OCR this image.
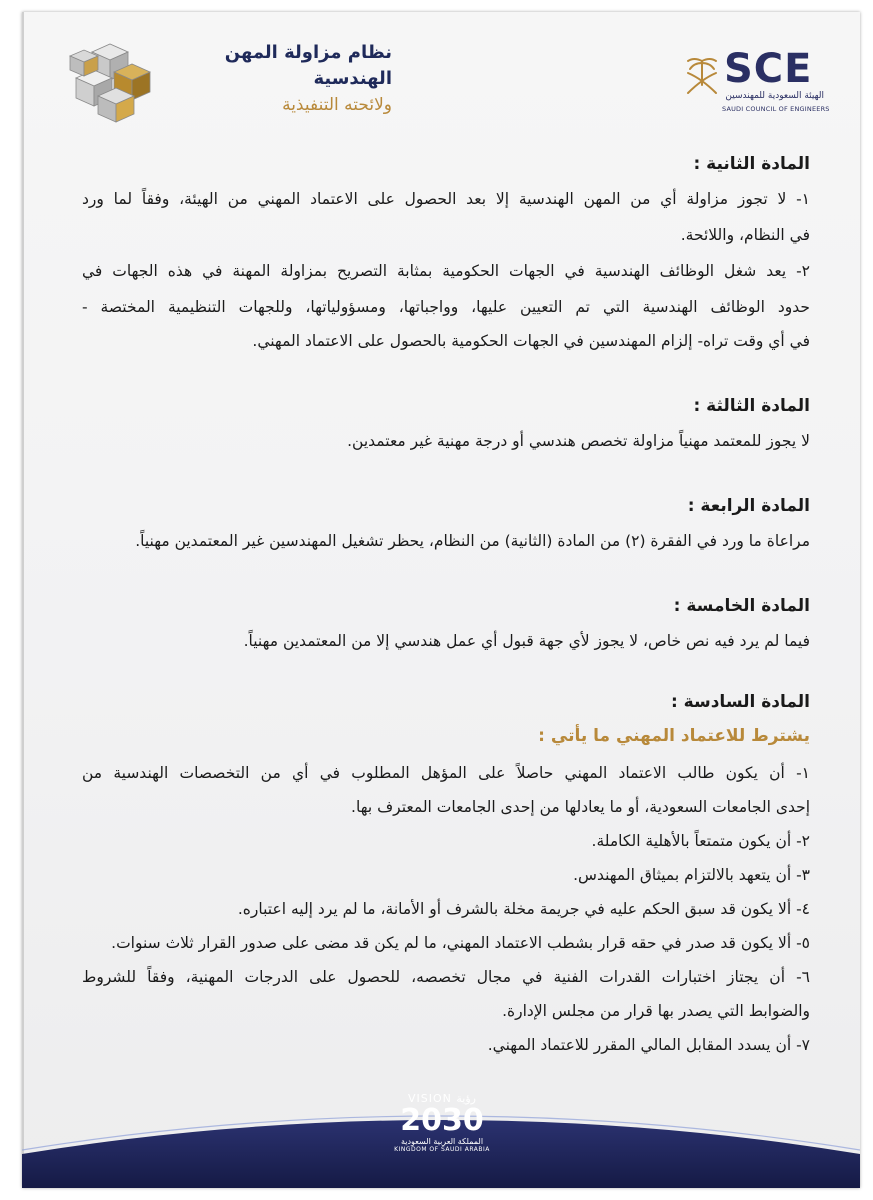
نظام مزاولة المهن الهندسية
ولائحته التنفيذية
SCE
الهيئة السعودية للمهندسين
SAUDI COUNCIL OF ENGINEERS
المادة الثانية :
١- لا تجوز مزاولة أي من المهن الهندسية إلا بعد الحصول على الاعتماد المهني من الهيئة، وفقاً لما ورد
في النظام، واللائحة.
٢- يعد شغل الوظائف الهندسية في الجهات الحكومية بمثابة التصريح بمزاولة المهنة في هذه الجهات في
حدود الوظائف الهندسية التي تم التعيين عليها، وواجباتها، ومسؤولياتها، وللجهات التنظيمية المختصة -
في أي وقت تراه- إلزام المهندسين في الجهات الحكومية بالحصول على الاعتماد المهني.
المادة الثالثة :
لا يجوز للمعتمد مهنياً مزاولة تخصص هندسي أو درجة مهنية غير معتمدين.
المادة الرابعة :
مراعاة ما ورد في الفقرة (٢) من المادة (الثانية) من النظام، يحظر تشغيل المهندسين غير المعتمدين مهنياً.
المادة الخامسة :
فيما لم يرد فيه نص خاص، لا يجوز لأي جهة قبول أي عمل هندسي إلا من المعتمدين مهنياً.
المادة السادسة :
يشترط للاعتماد المهني ما يأتي :
١- أن يكون طالب الاعتماد المهني حاصلاً على المؤهل المطلوب في أي من التخصصات الهندسية من
إحدى الجامعات السعودية، أو ما يعادلها من إحدى الجامعات المعترف بها.
٢- أن يكون متمتعاً بالأهلية الكاملة.
٣- أن يتعهد بالالتزام بميثاق المهندس.
٤- ألا يكون قد سبق الحكم عليه في جريمة مخلة بالشرف أو الأمانة، ما لم يرد إليه اعتباره.
٥- ألا يكون قد صدر في حقه قرار بشطب الاعتماد المهني، ما لم يكن قد مضى على صدور القرار ثلاث سنوات.
٦- أن يجتاز اختبارات القدرات الفنية في مجال تخصصه، للحصول على الدرجات المهنية، وفقاً للشروط
والضوابط التي يصدر بها قرار من مجلس الإدارة.
٧- أن يسدد المقابل المالي المقرر للاعتماد المهني.
VISION رؤية
2030
المملكة العربية السعودية
KINGDOM OF SAUDI ARABIA
